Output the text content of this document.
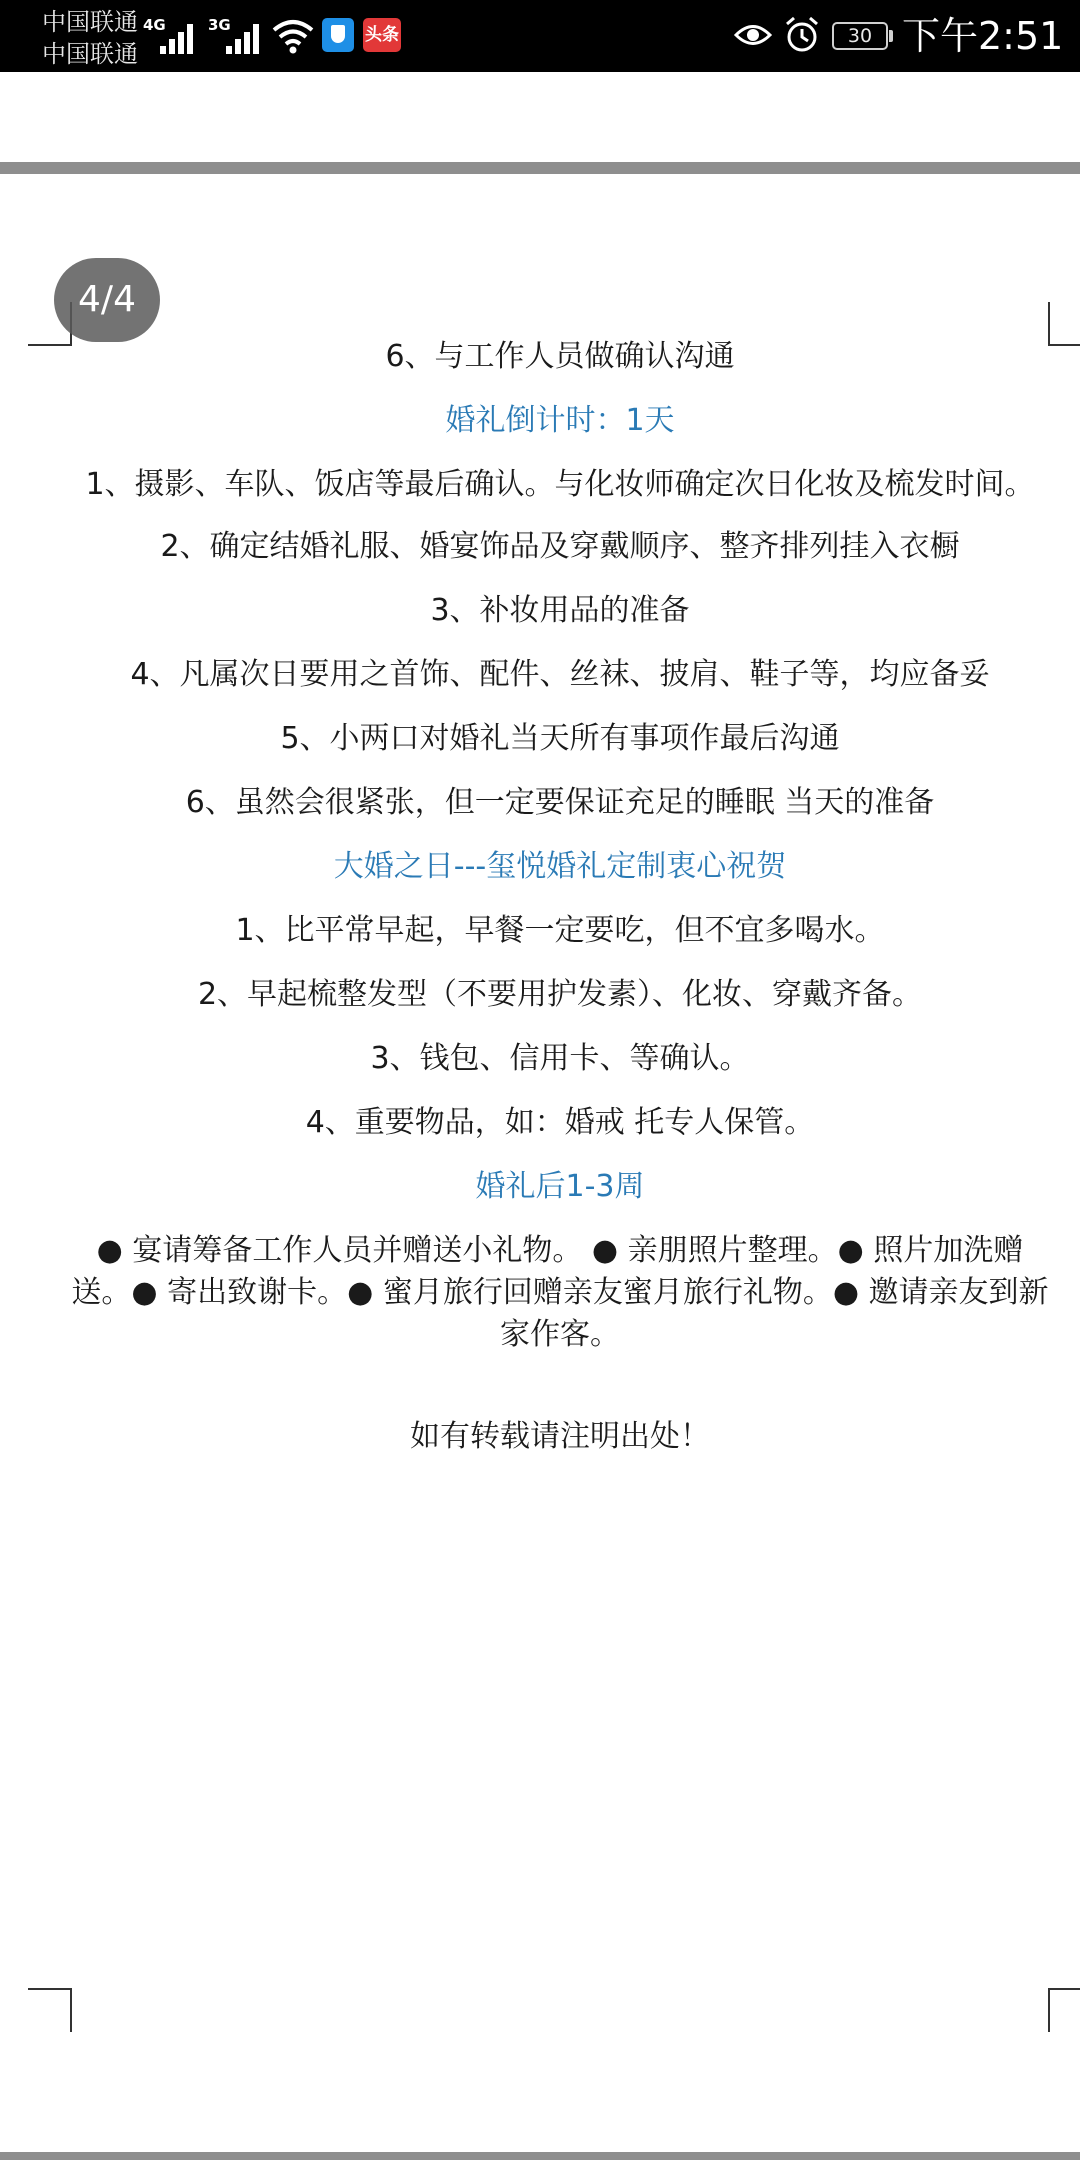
中国联通
中国联通
4G	3G	头条	30 下午2:51

6、与工作人员做确认沟通

婚礼倒计时：1天

1、摄影、车队、饭店等最后确认。与化妆师确定次日化妆及梳发时间。

2、确定结婚礼服、婚宴饰品及穿戴顺序、整齐排列挂入衣橱

3、补妆用品的准备

4、凡属次日要用之首饰、配件、丝袜、披肩、鞋子等，均应备妥

5、小两口对婚礼当天所有事项作最后沟通

6、虽然会很紧张，但一定要保证充足的睡眠 当天的准备

大婚之日---玺悦婚礼定制衷心祝贺

1、比平常早起，早餐一定要吃，但不宜多喝水。

2、早起梳整发型（不要用护发素）、化妆、穿戴齐备。

3、钱包、信用卡、等确认。

4、重要物品，如：婚戒 托专人保管。

婚礼后1-3周

● 宴请筹备工作人员并赠送小礼物。 ● 亲朋照片整理。● 照片加洗赠送。● 寄出致谢卡。● 蜜月旅行回赠亲友蜜月旅行礼物。● 邀请亲友到新家作客。

如有转载请注明出处！

4/4
